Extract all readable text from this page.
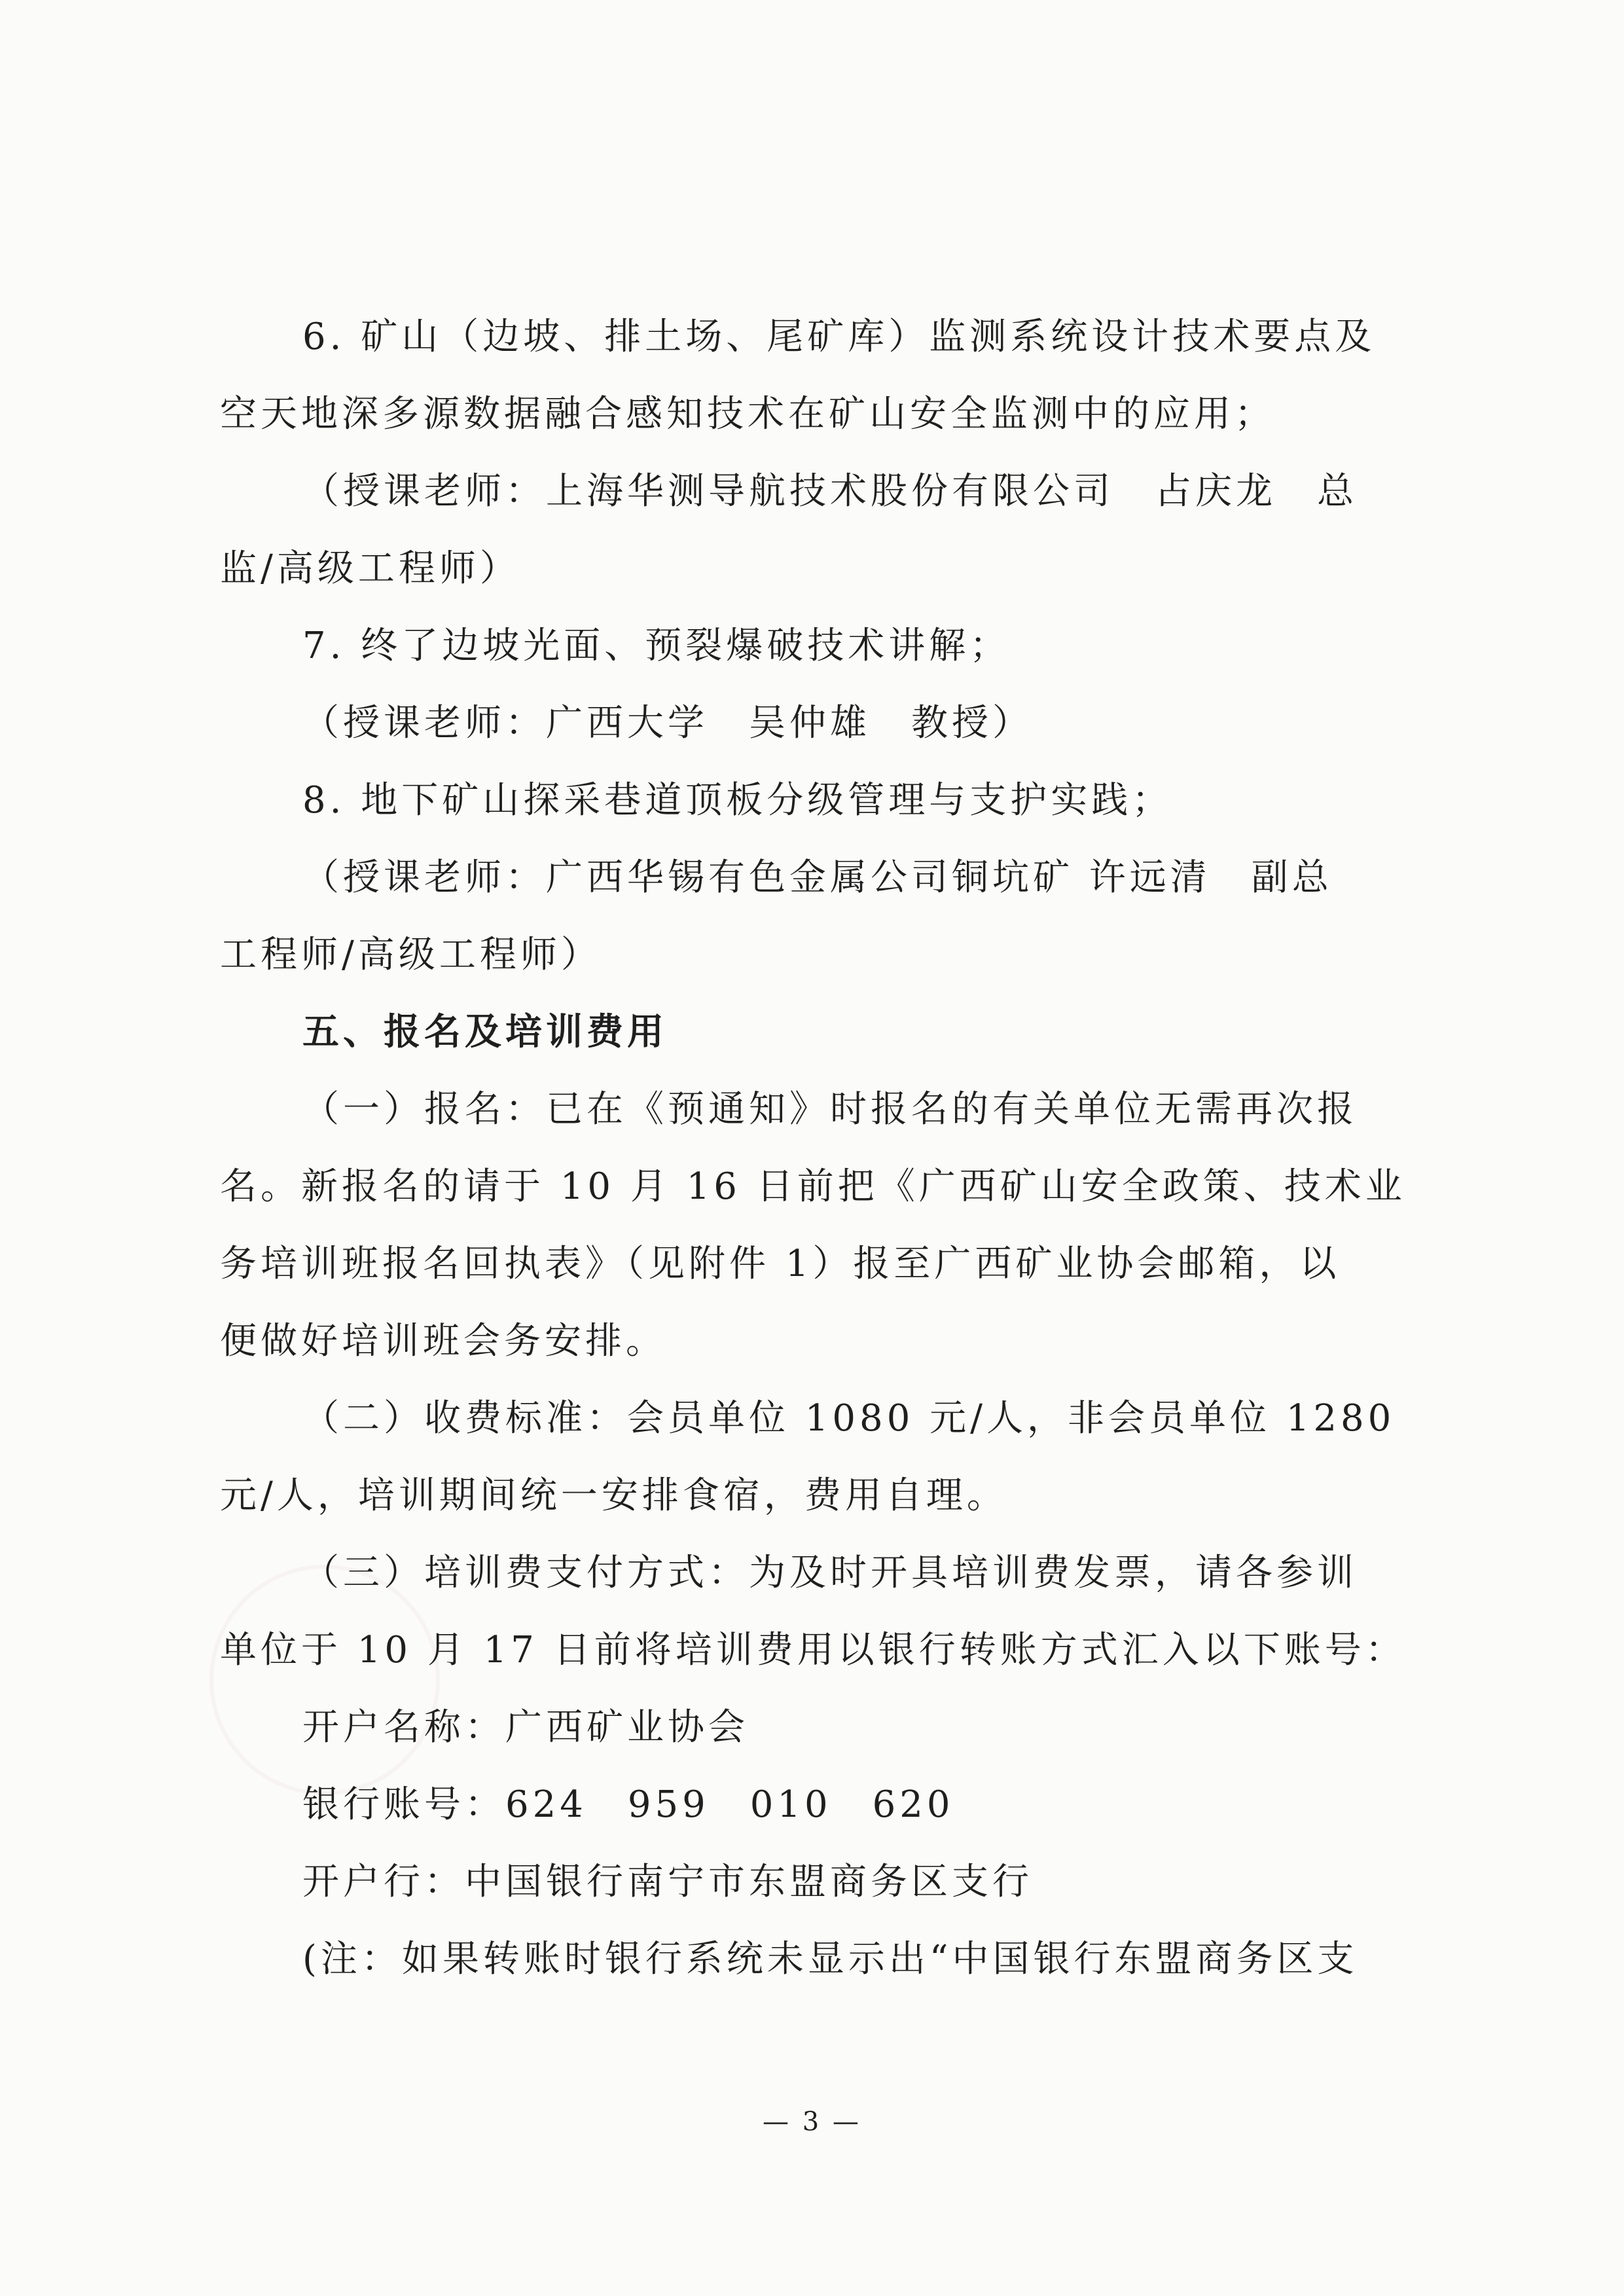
6. 矿山（边坡、排土场、尾矿库）监测系统设计技术要点及
空天地深多源数据融合感知技术在矿山安全监测中的应用；
（授课老师：上海华测导航技术股份有限公司　占庆龙　总
监/高级工程师）
7. 终了边坡光面、预裂爆破技术讲解；
（授课老师：广西大学　吴仲雄　教授）
8. 地下矿山探采巷道顶板分级管理与支护实践；
（授课老师：广西华锡有色金属公司铜坑矿 许远清　副总
工程师/高级工程师）
五、报名及培训费用
（一）报名：已在《预通知》时报名的有关单位无需再次报
名。新报名的请于 10 月 16 日前把《广西矿山安全政策、技术业
务培训班报名回执表》（见附件 1）报至广西矿业协会邮箱，以
便做好培训班会务安排。
（二）收费标准：会员单位 1080 元/人，非会员单位 1280
元/人，培训期间统一安排食宿，费用自理。
（三）培训费支付方式：为及时开具培训费发票，请各参训
单位于 10 月 17 日前将培训费用以银行转账方式汇入以下账号：
开户名称：广西矿业协会
银行账号：624　959　010　620
开户行：中国银行南宁市东盟商务区支行
(注：如果转账时银行系统未显示出“中国银行东盟商务区支
— 3 —
